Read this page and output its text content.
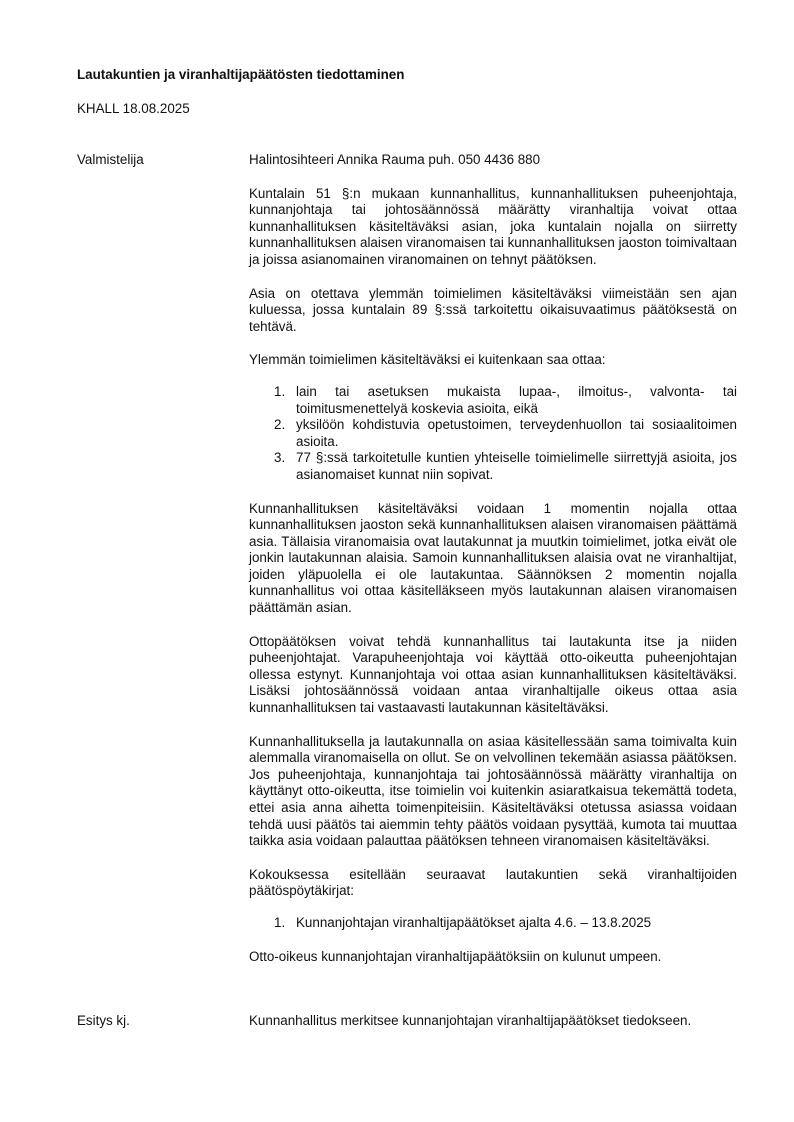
Lautakuntien ja viranhaltijapäätösten tiedottaminen
KHALL 18.08.2025
Valmistelija	Halintosihteeri Annika Rauma puh. 050 4436 880

Kuntalain 51 §:n mukaan kunnanhallitus, kunnanhallituksen puheenjohtaja, kunnanjohtaja tai johtosäännössä määrätty viranhaltija voivat ottaa kunnanhallituksen käsiteltäväksi asian, joka kuntalain nojalla on siirretty kunnanhallituksen alaisen viranomaisen tai kunnanhallituksen jaoston toimivaltaan ja joissa asianomainen viranomainen on tehnyt päätöksen.

Asia on otettava ylemmän toimielimen käsiteltäväksi viimeistään sen ajan kuluessa, jossa kuntalain 89 §:ssä tarkoitettu oikaisuvaatimus päätöksestä on tehtävä.

Ylemmän toimielimen käsiteltäväksi ei kuitenkaan saa ottaa:

1. lain tai asetuksen mukaista lupaa-, ilmoitus-, valvonta- tai toimitusmenettelyä koskevia asioita, eikä
2. yksilöön kohdistuvia opetustoimen, terveydenhuollon tai sosiaalitoimen asioita.
3. 77 §:ssä tarkoitetulle kuntien yhteiselle toimielimelle siirrettyjä asioita, jos asianomaiset kunnat niin sopivat.

Kunnanhallituksen käsiteltäväksi voidaan 1 momentin nojalla ottaa kunnanhallituksen jaoston sekä kunnanhallituksen alaisen viranomaisen päättämä asia. Tällaisia viranomaisia ovat lautakunnat ja muutkin toimielimet, jotka eivät ole jonkin lautakunnan alaisia. Samoin kunnanhallituksen alaisia ovat ne viranhaltijat, joiden yläpuolella ei ole lautakuntaa. Säännöksen 2 momentin nojalla kunnanhallitus voi ottaa käsitelläkseen myös lautakunnan alaisen viranomaisen päättämän asian.

Ottopäätöksen voivat tehdä kunnanhallitus tai lautakunta itse ja niiden puheenjohtajat. Varapuheenjohtaja voi käyttää otto-oikeutta puheenjohtajan ollessa estynyt. Kunnanjohtaja voi ottaa asian kunnanhallituksen käsiteltäväksi. Lisäksi johtosäännössä voidaan antaa viranhaltijalle oikeus ottaa asia kunnanhallituksen tai vastaavasti lautakunnan käsiteltäväksi.

Kunnanhallituksella ja lautakunnalla on asiaa käsitellessään sama toimivalta kuin alemmalla viranomaisella on ollut. Se on velvollinen tekemään asiassa päätöksen. Jos puheenjohtaja, kunnanjohtaja tai johtosäännössä määrätty viranhaltija on käyttänyt otto-oikeutta, itse toimielin voi kuitenkin asiaratkaisua tekemättä todeta, ettei asia anna aihetta toimenpiteisiin. Käsiteltäväksi otetussa asiassa voidaan tehdä uusi päätös tai aiemmin tehty päätös voidaan pysyttää, kumota tai muuttaa taikka asia voidaan palauttaa päätöksen tehneen viranomaisen käsiteltäväksi.

Kokouksessa esitellään seuraavat lautakuntien sekä viranhaltijoiden päätöspöytäkirjat:

1. Kunnanjohtajan viranhaltijapäätökset ajalta 4.6. – 13.8.2025

Otto-oikeus kunnanjohtajan viranhaltijapäätöksiin on kulunut umpeen.

Esitys kj.	Kunnanhallitus merkitsee kunnanjohtajan viranhaltijapäätökset tiedokseen.
